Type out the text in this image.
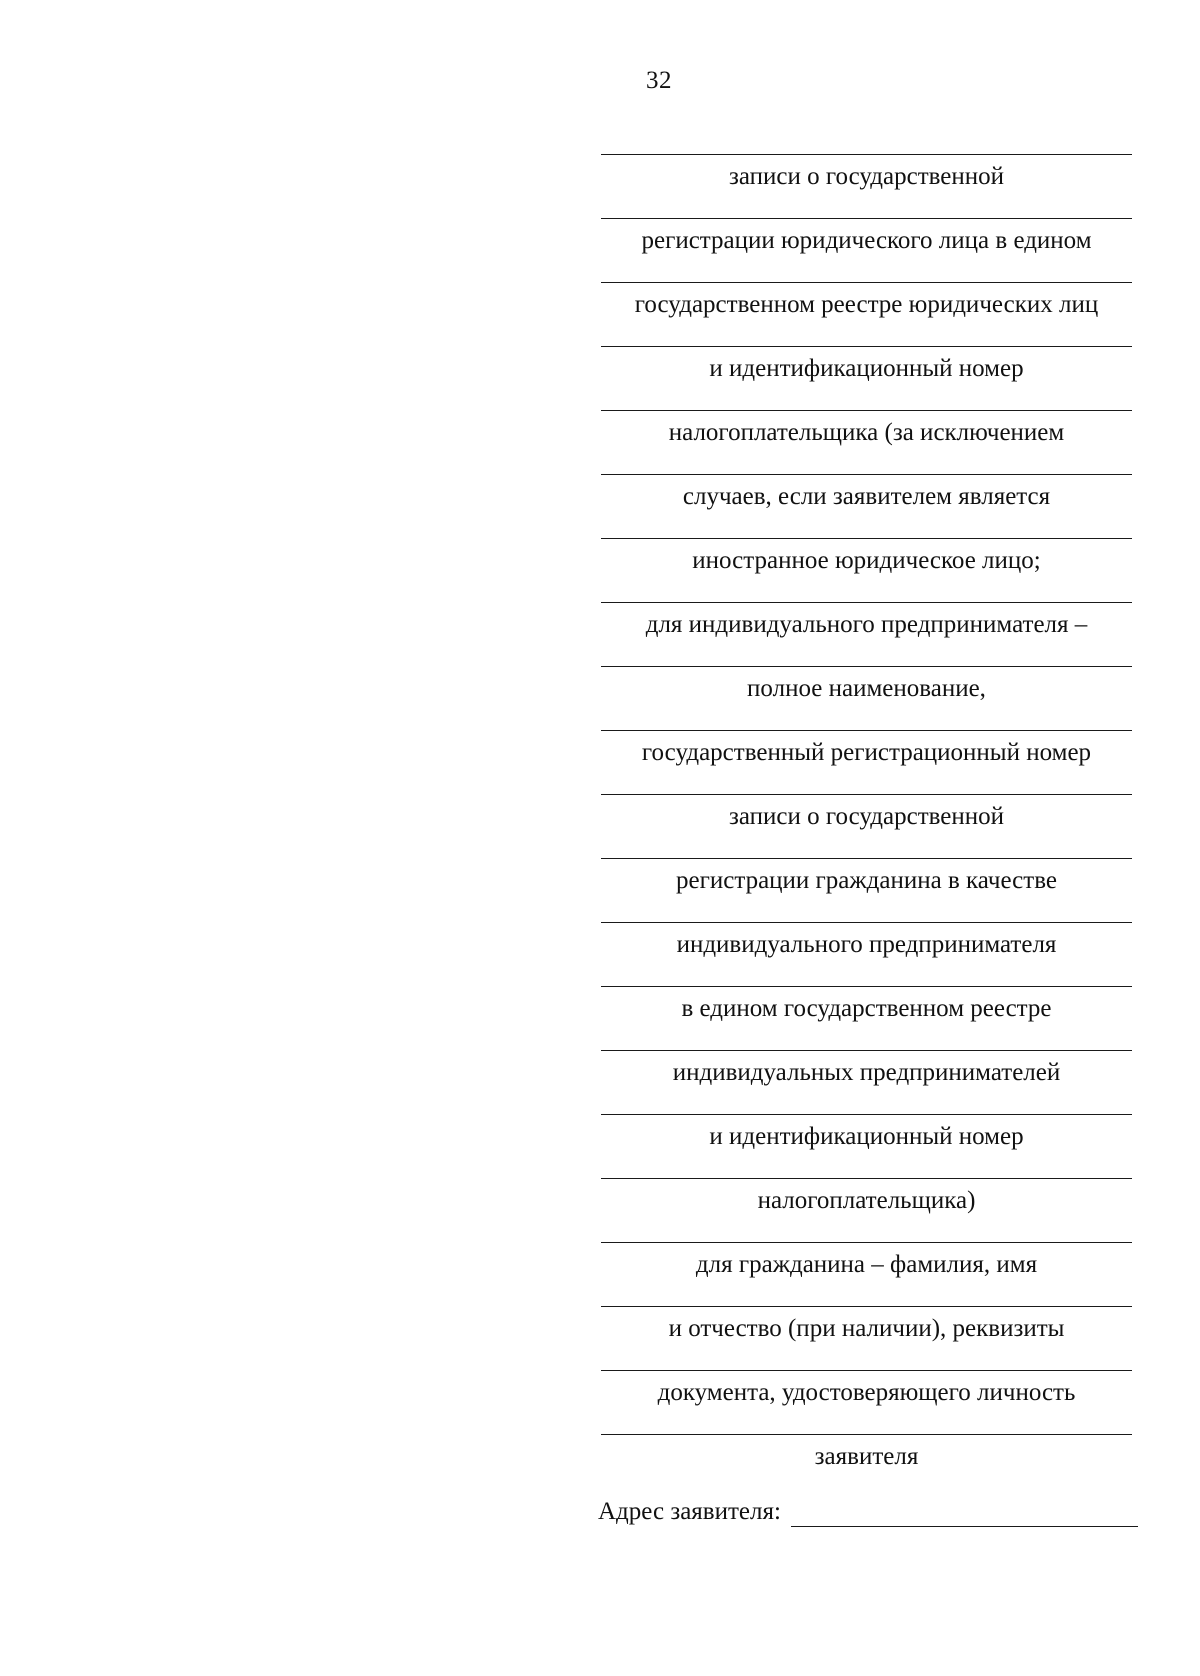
32
записи о государственной
регистрации юридического лица в едином
государственном реестре юридических лиц
и идентификационный номер
налогоплательщика (за исключением
случаев, если заявителем является
иностранное юридическое лицо;
для индивидуального предпринимателя –
полное наименование,
государственный регистрационный номер
записи о государственной
регистрации гражданина в качестве
индивидуального предпринимателя
в едином государственном реестре
индивидуальных предпринимателей
и идентификационный номер
налогоплательщика)
для гражданина – фамилия, имя
и отчество (при наличии), реквизиты
документа, удостоверяющего личность
заявителя
Адрес заявителя:
